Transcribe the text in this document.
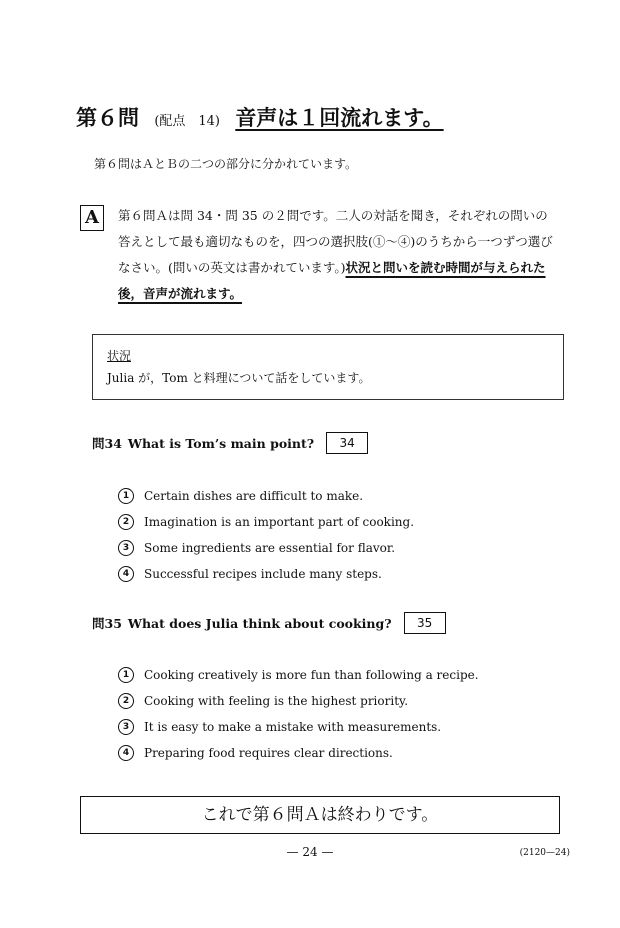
第６問 (配点　14) 音声は１回流れます。
第６問はＡとＢの二つの部分に分かれています。
A	第６問Ａは問 34・問 35 の２問です。二人の対話を聞き，それぞれの問いの

答えとして最も適切なものを，四つの選択肢(①～④)のうちから一つずつ選び

なさい。(問いの英文は書かれています。)状況と問いを読む時間が与えられた

後，音声が流れます。

状況
Julia が，Tom と料理について話をしています。
問34 What is Tom’s main point?	34
1	Certain dishes are difficult to make.
2	Imagination is an important part of cooking.
3	Some ingredients are essential for flavor.
4	Successful recipes include many steps.
問35 What does Julia think about cooking?	35
1	Cooking creatively is more fun than following a recipe.
2	Cooking with feeling is the highest priority.
3	It is easy to make a mistake with measurements.
4	Preparing food requires clear directions.
これで第６問Ａは終わりです。
— 24 —	(2120—24)
